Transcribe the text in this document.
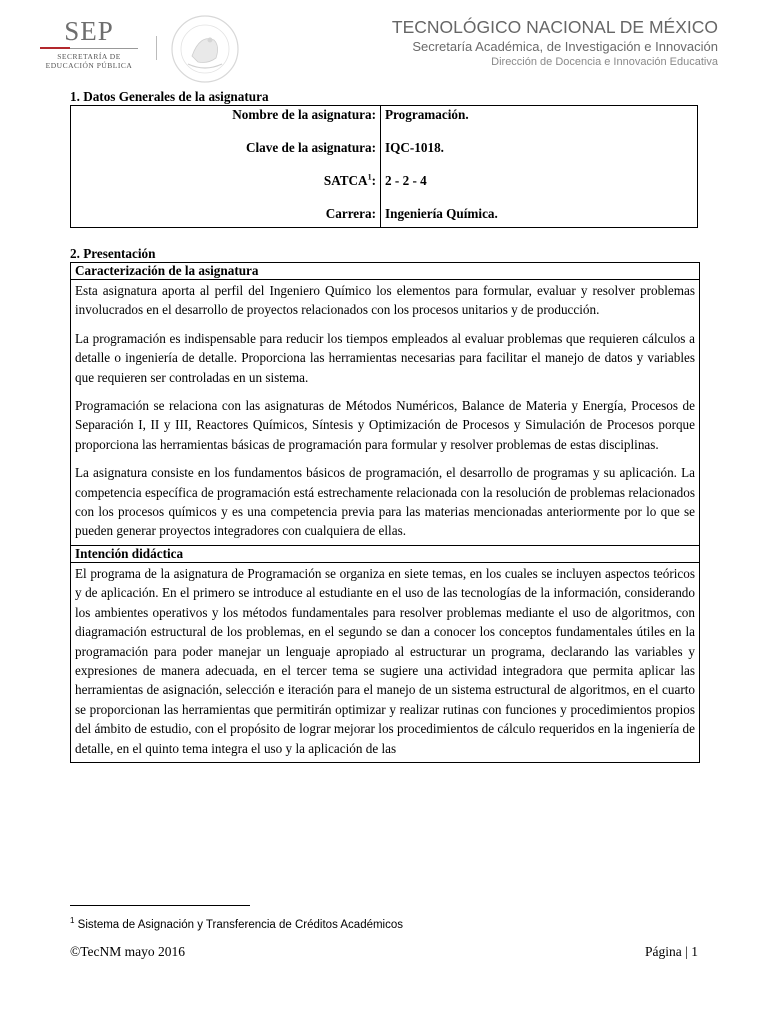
SEP
SECRETARÍA DE
EDUCACIÓN PÚBLICA
TECNOLÓGICO NACIONAL DE MÉXICO
Secretaría Académica, de Investigación e Innovación
Dirección de Docencia e Innovación Educativa
1. Datos Generales de la asignatura
Nombre de la asignatura:	Programación.
Clave de la asignatura:	IQC-1018.
SATCA$^1$:	2 - 2 - 4
Carrera:	Ingeniería Química.
2. Presentación
Caracterización de la asignatura

Esta asignatura aporta al perfil del Ingeniero Químico los elementos para formular, evaluar y resolver problemas involucrados en el desarrollo de proyectos relacionados con los procesos unitarios y de producción.

La programación es indispensable para reducir los tiempos empleados al evaluar problemas que requieren cálculos a detalle o ingeniería de detalle. Proporciona las herramientas necesarias para facilitar el manejo de datos y variables que requieren ser controladas en un sistema.

Programación se relaciona con las asignaturas de Métodos Numéricos, Balance de Materia y Energía, Procesos de Separación I, II y III, Reactores Químicos, Síntesis y Optimización de Procesos y Simulación de Procesos porque proporciona las herramientas básicas de programación para formular y resolver problemas de estas disciplinas.

La asignatura consiste en los fundamentos básicos de programación, el desarrollo de programas y su aplicación. La competencia específica de programación está estrechamente relacionada con la resolución de problemas relacionados con los procesos químicos y es una competencia previa para las materias mencionadas anteriormente por lo que se pueden generar proyectos integradores con cualquiera de ellas.

Intención didáctica

El programa de la asignatura de Programación se organiza en siete temas, en los cuales se incluyen aspectos teóricos y de aplicación. En el primero se introduce al estudiante en el uso de las tecnologías de la información, considerando los ambientes operativos y los métodos fundamentales para resolver problemas mediante el uso de algoritmos, con diagramación estructural de los problemas, en el segundo se dan a conocer los conceptos fundamentales útiles en la programación para poder manejar un lenguaje apropiado al estructurar un programa, declarando las variables y expresiones de manera adecuada, en el tercer tema se sugiere una actividad integradora que permita aplicar las herramientas de asignación, selección e iteración para el manejo de un sistema estructural de algoritmos, en el cuarto se proporcionan las herramientas que permitirán optimizar y realizar rutinas con funciones y procedimientos propios del ámbito de estudio, con el propósito de lograr mejorar los procedimientos de cálculo requeridos en la ingeniería de detalle, en el quinto tema integra el uso y la aplicación de las

$^1$ Sistema de Asignación y Transferencia de Créditos Académicos
©TecNM mayo 2016	Página | 1
